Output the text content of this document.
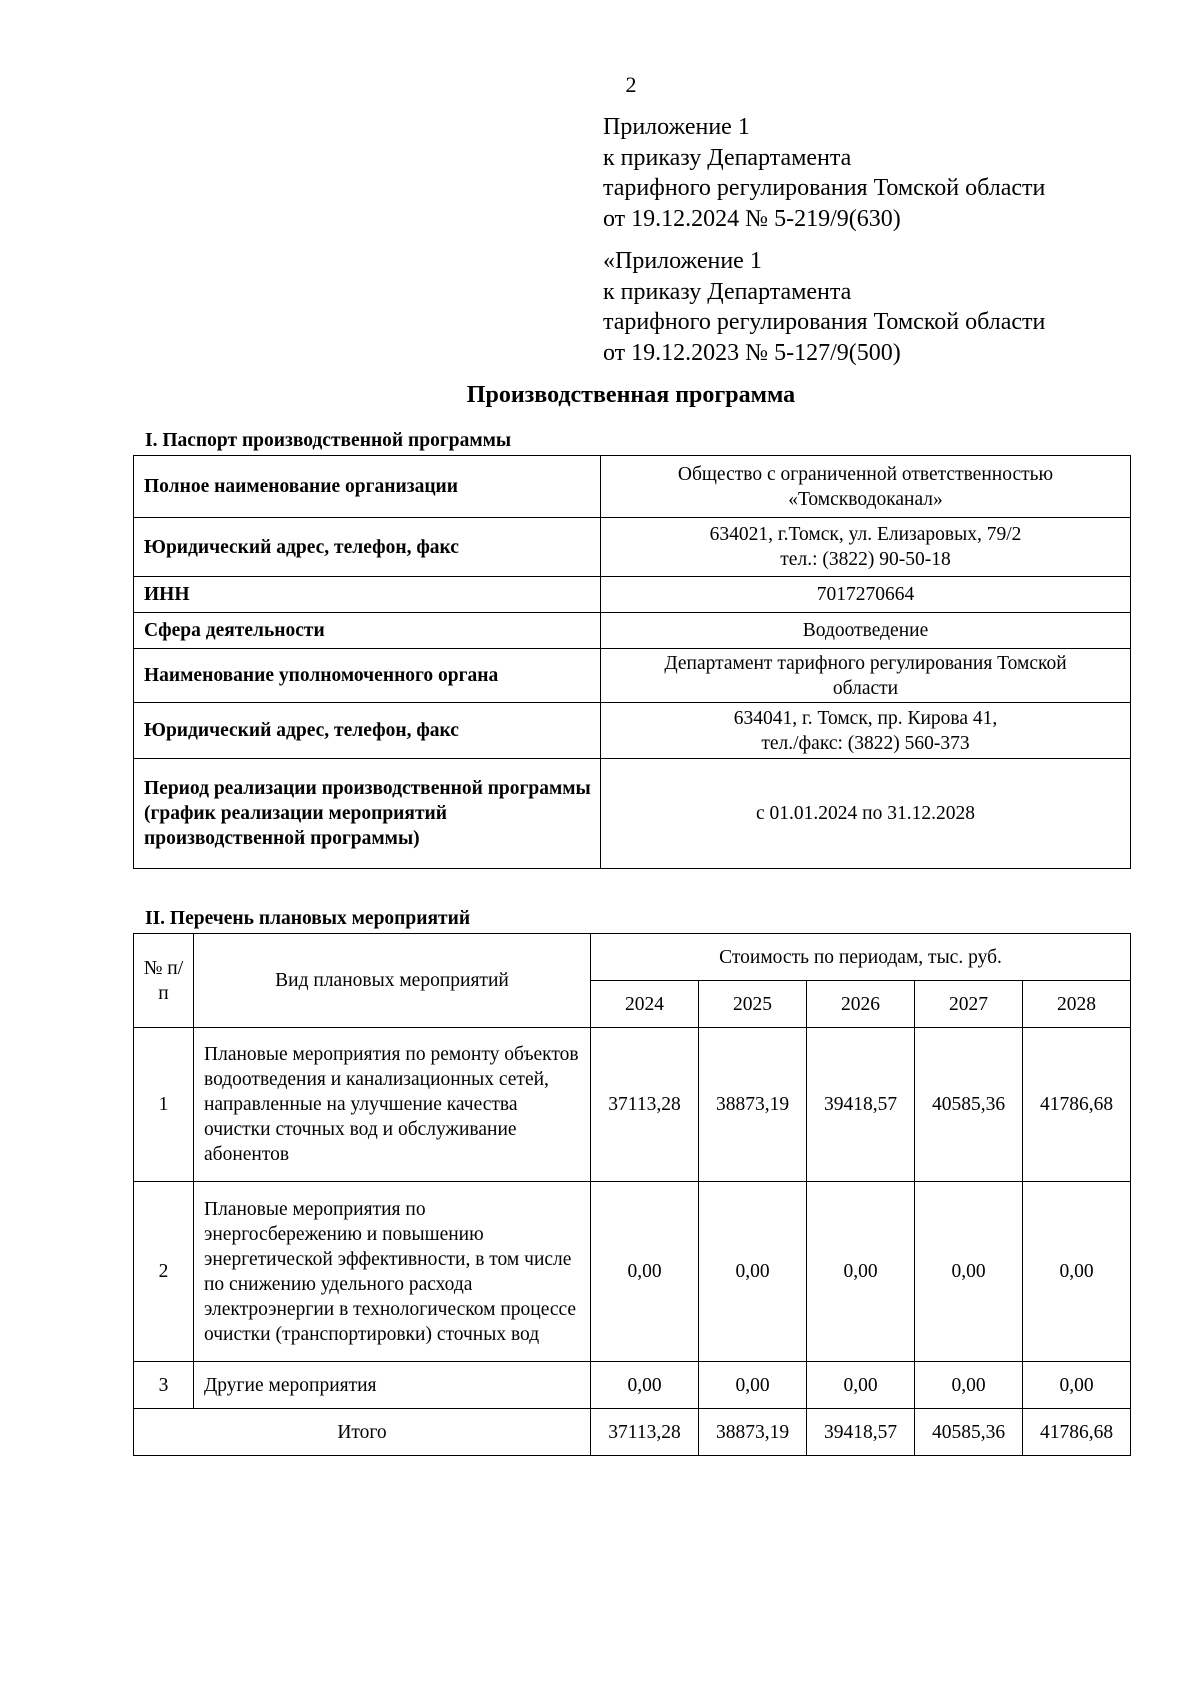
2
Приложение 1
к приказу Департамента
тарифного регулирования Томской области
от 19.12.2024 № 5-219/9(630)
«Приложение 1
к приказу Департамента
тарифного регулирования Томской области
от 19.12.2023 № 5-127/9(500)
Производственная программа
I. Паспорт производственной программы
Полное наименование организации	Общество с ограниченной ответственностью
«Томскводоканал»

Юридический адрес, телефон, факс	634021, г.Томск, ул. Елизаровых, 79/2
тел.: (3822) 90-50-18

ИНН	7017270664

Сфера деятельности	Водоотведение

Наименование уполномоченного органа	Департамент тарифного регулирования Томской
области

Юридический адрес, телефон, факс	634041, г. Томск, пр. Кирова 41,
тел./факс: (3822) 560-373

Период реализации производственной программы (график реализации мероприятий производственной программы)	с 01.01.2024 по 31.12.2028
II. Перечень плановых мероприятий
№ п/п	Вид плановых мероприятий	Стоимость по периодам, тыс. руб.				
		2024	2025	2026	2027	2028
1	Плановые мероприятия по ремонту объектов водоотведения и канализационных сетей, направленные на улучшение качества очистки сточных вод и обслуживание абонентов	37113,28	38873,19	39418,57	40585,36	41786,68
2	Плановые мероприятия по энергосбережению и повышению энергетической эффективности, в том числе по снижению удельного расхода электроэнергии в технологическом процессе очистки (транспортировки) сточных вод	0,00	0,00	0,00	0,00	0,00
3	Другие мероприятия	0,00	0,00	0,00	0,00	0,00
Итого		37113,28	38873,19	39418,57	40585,36	41786,68
